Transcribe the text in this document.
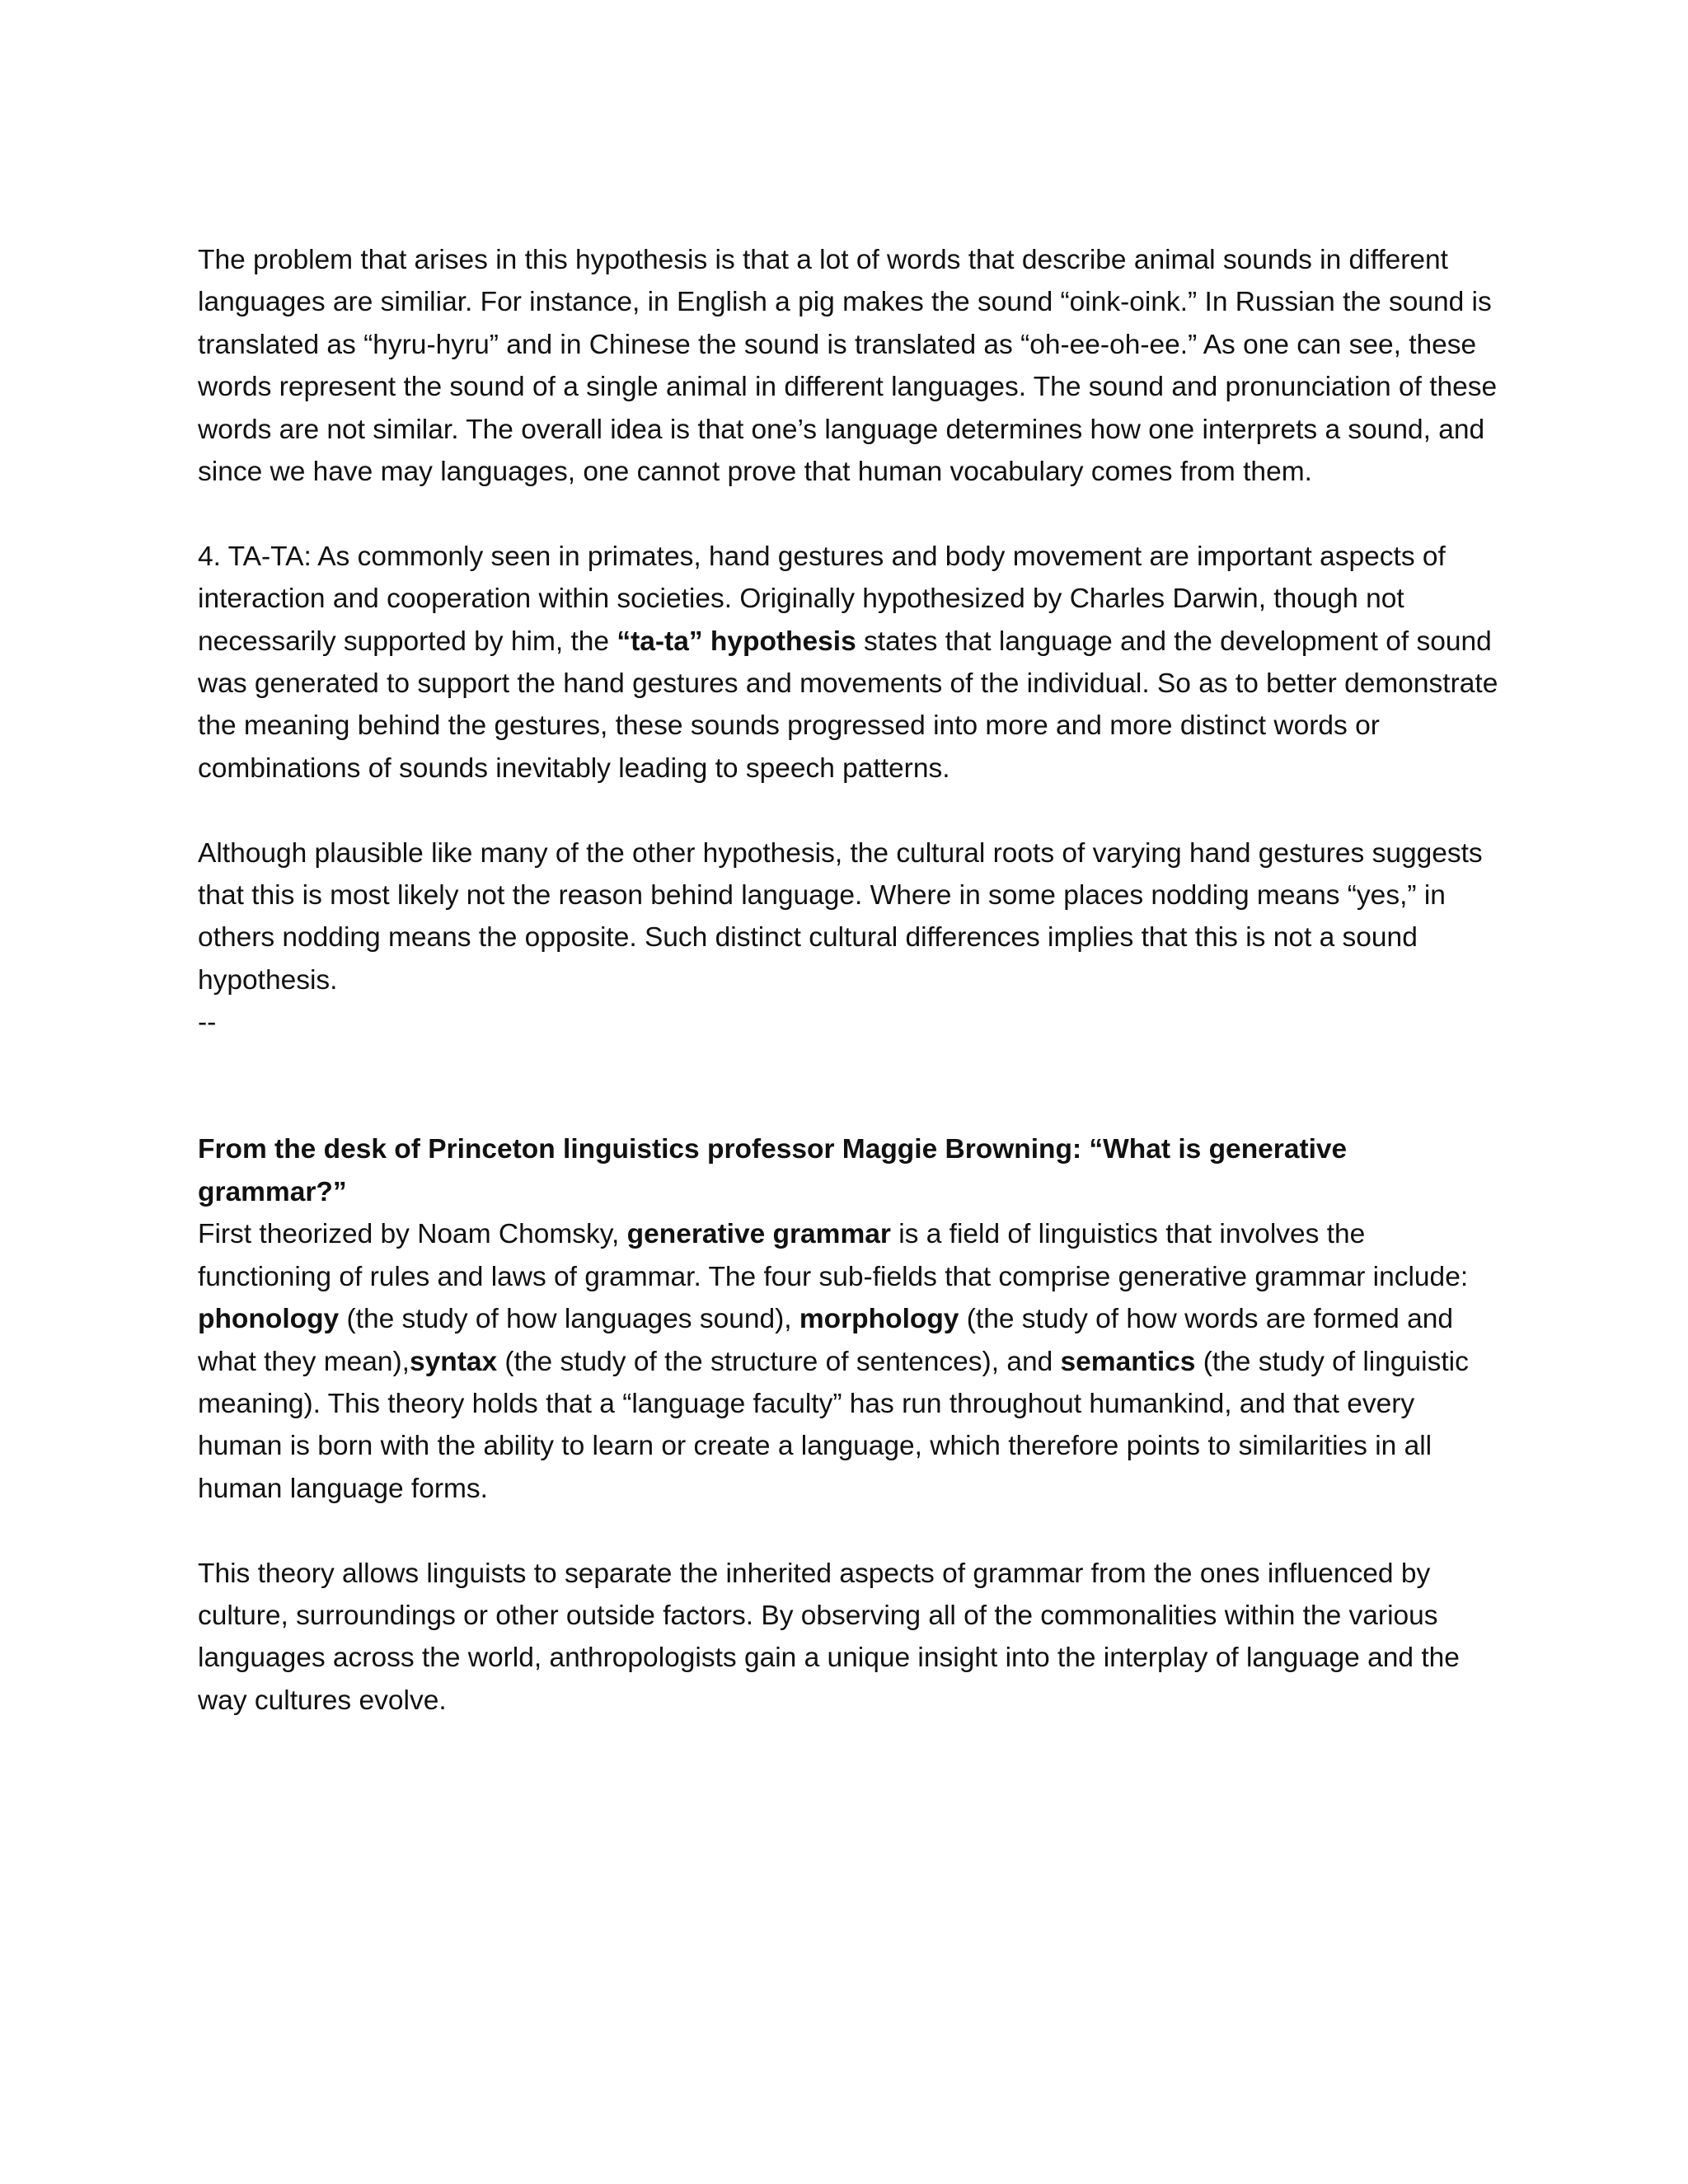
The problem that arises in this hypothesis is that a lot of words that describe animal sounds in different languages are similiar. For instance, in English a pig makes the sound “oink-oink.” In Russian the sound is translated as “hyru-hyru” and in Chinese the sound is translated as “oh-ee-oh-ee.” As one can see, these words represent the sound of a single animal in different languages. The sound and pronunciation of these words are not similar. The overall idea is that one’s language determines how one interprets a sound, and since we have may languages, one cannot prove that human vocabulary comes from them.

4. TA-TA: As commonly seen in primates, hand gestures and body movement are important aspects of interaction and cooperation within societies. Originally hypothesized by Charles Darwin, though not necessarily supported by him, the “ta-ta” hypothesis states that language and the development of sound was generated to support the hand gestures and movements of the individual. So as to better demonstrate the meaning behind the gestures, these sounds progressed into more and more distinct words or combinations of sounds inevitably leading to speech patterns.

Although plausible like many of the other hypothesis, the cultural roots of varying hand gestures suggests that this is most likely not the reason behind language. Where in some places nodding means “yes,” in others nodding means the opposite. Such distinct cultural differences implies that this is not a sound hypothesis.

--

From the desk of Princeton linguistics professor Maggie Browning: “What is generative grammar?”
First theorized by Noam Chomsky, generative grammar is a field of linguistics that involves the functioning of rules and laws of grammar. The four sub-fields that comprise generative grammar include: phonology (the study of how languages sound), morphology (the study of how words are formed and what they mean),syntax (the study of the structure of sentences), and semantics (the study of linguistic meaning). This theory holds that a “language faculty” has run throughout humankind, and that every human is born with the ability to learn or create a language, which therefore points to similarities in all human language forms.

This theory allows linguists to separate the inherited aspects of grammar from the ones influenced by culture, surroundings or other outside factors. By observing all of the commonalities within the various languages across the world, anthropologists gain a unique insight into the interplay of language and the way cultures evolve.
